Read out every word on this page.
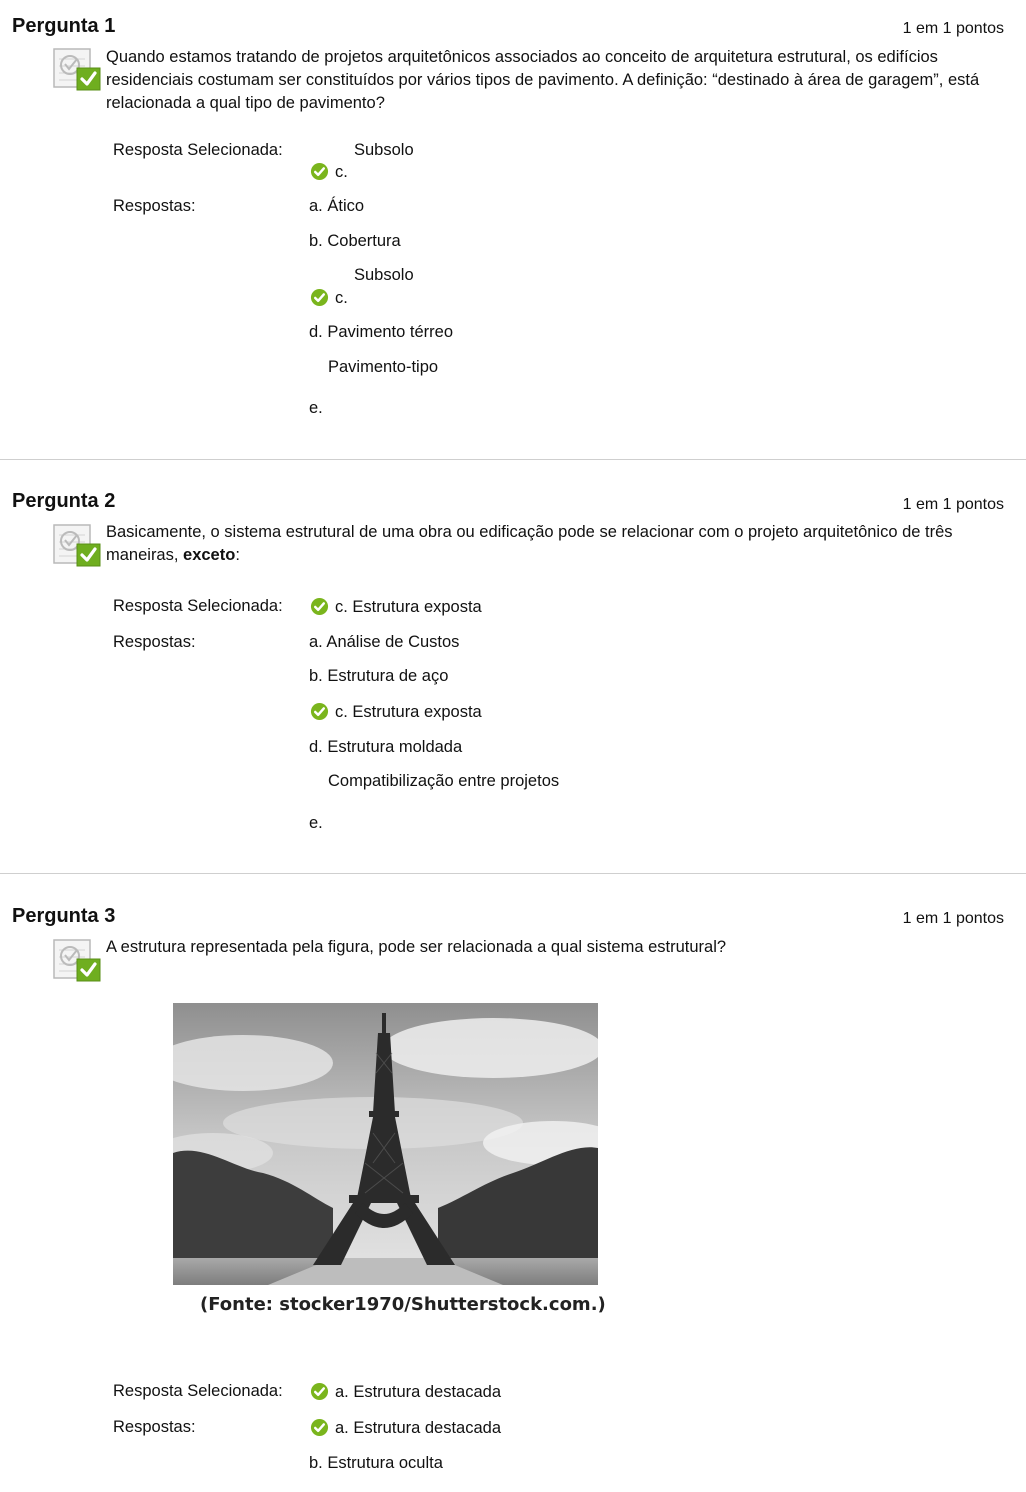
Pergunta 1	1 em 1 pontos
Quando estamos tratando de projetos arquitetônicos associados ao conceito de arquitetura estrutural, os edifícios residenciais costumam ser constituídos por vários tipos de pavimento. A definição: “destinado à área de garagem”, está relacionada a qual tipo de pavimento?
Resposta Selecionada:	Subsolo
c.
Respostas:	a. Ático
b. Cobertura
Subsolo
c.
d. Pavimento térreo
Pavimento-tipo
e.
Pergunta 2	1 em 1 pontos
Basicamente, o sistema estrutural de uma obra ou edificação pode se relacionar com o projeto arquitetônico de três maneiras, exceto:
Resposta Selecionada:	c. Estrutura exposta
Respostas:	a. Análise de Custos
b. Estrutura de aço
c. Estrutura exposta
d. Estrutura moldada
Compatibilização entre projetos
e.
Pergunta 3	1 em 1 pontos
A estrutura representada pela figura, pode ser relacionada a qual sistema estrutural?
(Fonte: stocker1970/Shutterstock.com.)
Resposta Selecionada:	a. Estrutura destacada
Respostas:	a. Estrutura destacada
b. Estrutura oculta
